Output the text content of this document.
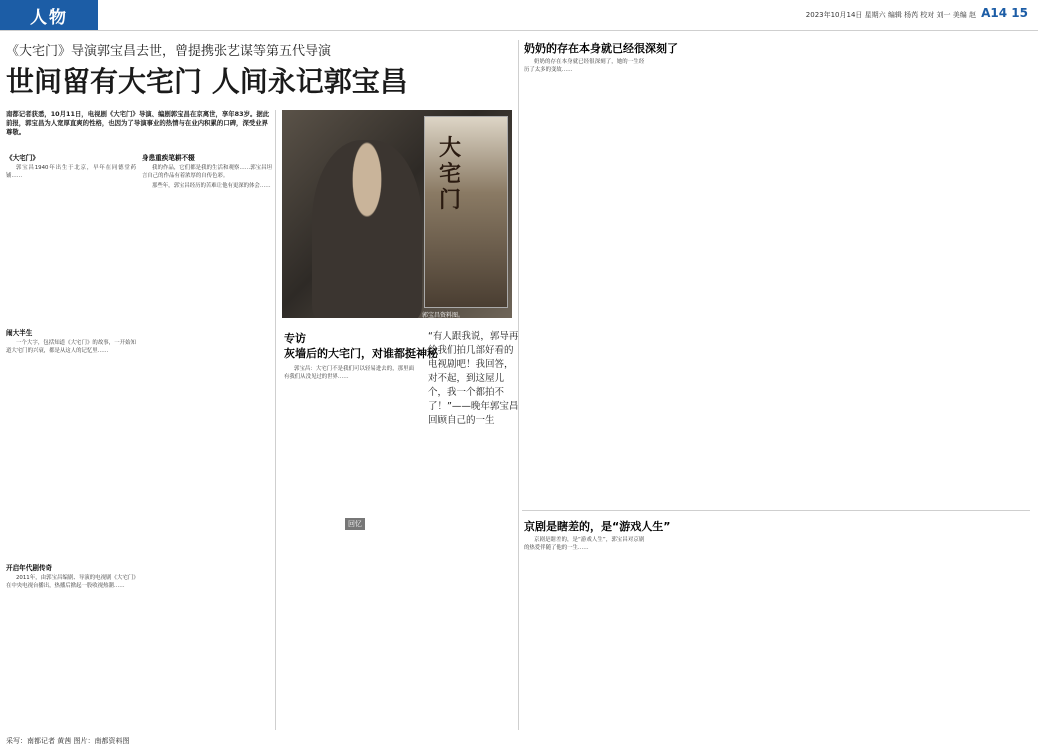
人物	2023年10月14日 星期六 编辑 杨芮 校对 刘一 美编 赵 A14 15
《大宅门》导演郭宝昌去世，曾提携张艺谋等第五代导演
世间留有大宅门 人间永记郭宝昌
南都记者获悉，10月11日，电视剧《大宅门》导演、编剧郭宝昌在京离世，享年83岁。据此前报，郭宝昌为人宽厚直爽的性格，也因为了导演事业的热情与在业内积累的口碑，深受业界尊敬。
大宅门
郭宝昌资料图。
《大宅门》

郭宝昌1940年出生于北京，早年在同德堂药铺……

闹大半生

一个大字，包括知道《大宅门》的故事，一开始知道大宅门的兴衰，都是从这人的记忆里……

开启年代剧传奇

2011年，由郭宝昌编剧、导演的电视剧《大宅门》在中央电视台播出，热播后掀起一股收视热潮……

身患重疾笔耕不辍

我的作品，它们都是我的生活和观察……郭宝昌坦言自己的作品有着浓厚的自传色彩。

那些年，郭宝昌经历的苦难让他有更深的体会……

专访
灰墙后的大宅门，对谁都挺神秘

郭宝昌：大宅门不是我们可以轻易进去的，那里面有我们从没见过的世界……

“有人跟我说，郭导再给我们拍几部好看的电视剧吧！我回答，对不起，到这屋儿个，我一个都拍不了！”——晚年郭宝昌回顾自己的一生
回忆
奶奶的存在本身就已经很深刻了

奶奶的存在本身就已经很深刻了，她的一生经历了太多的变故……

京剧是瞎差的，是“游戏人生”

京剧是瞎差的，是“游戏人生”，郭宝昌对京剧的热爱伴随了他的一生……

采写：南都记者 黄茜 图片：南都资料图
